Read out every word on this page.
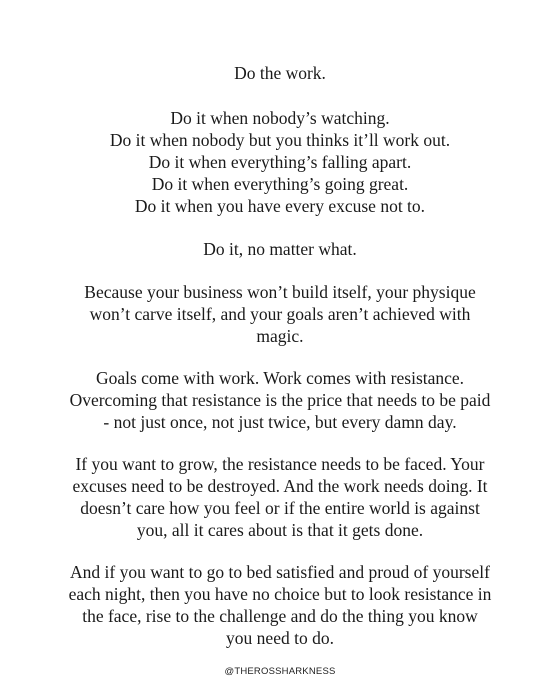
Do the work.
Do it when nobody’s watching.
Do it when nobody but you thinks it’ll work out.
Do it when everything’s falling apart.
Do it when everything’s going great.
Do it when you have every excuse not to.
Do it, no matter what.
Because your business won’t build itself, your physique
won’t carve itself, and your goals aren’t achieved with
magic.
Goals come with work. Work comes with resistance.
Overcoming that resistance is the price that needs to be paid
- not just once, not just twice, but every damn day.
If you want to grow, the resistance needs to be faced. Your
excuses need to be destroyed. And the work needs doing. It
doesn’t care how you feel or if the entire world is against
you, all it cares about is that it gets done.
And if you want to go to bed satisfied and proud of yourself
each night, then you have no choice but to look resistance in
the face, rise to the challenge and do the thing you know
you need to do.
@THEROSSHARKNESS
